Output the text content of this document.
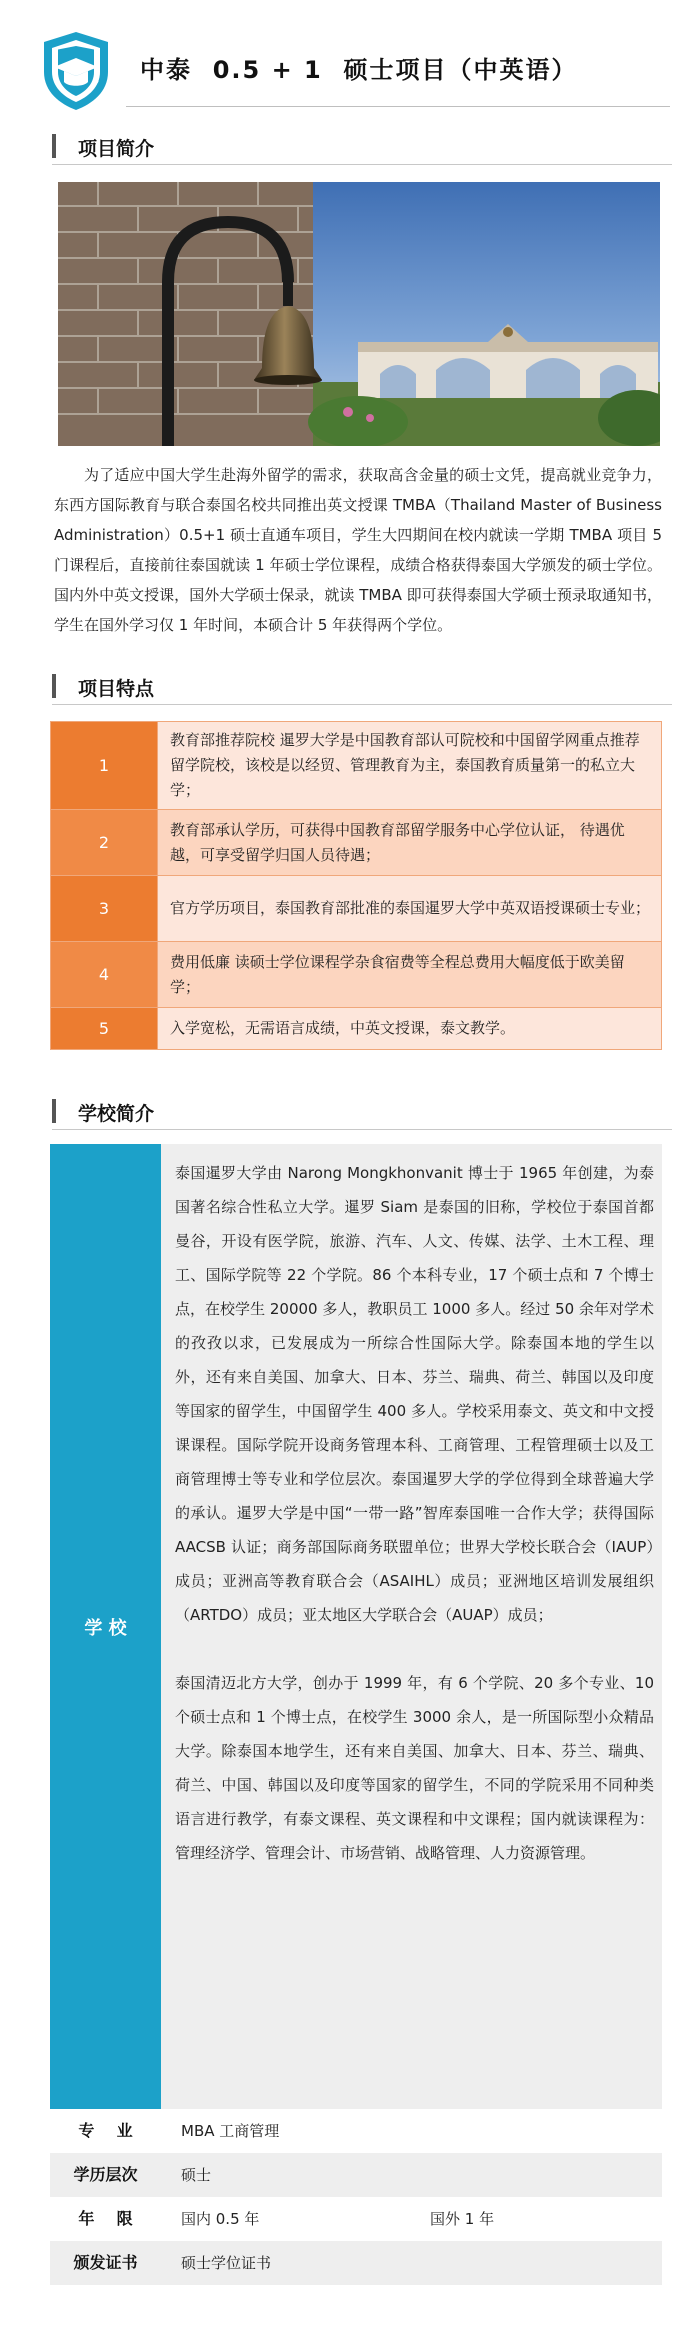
中泰  0.5 + 1  硕士项目（中英语）
项目简介

为了适应中国大学生赴海外留学的需求，获取高含金量的硕士文凭，提高就业竞争力，东西方国际教育与联合泰国名校共同推出英文授课 TMBA（Thailand Master of Business Administration）0.5+1 硕士直通车项目，学生大四期间在校内就读一学期 TMBA 项目 5 门课程后，直接前往泰国就读 1 年硕士学位课程，成绩合格获得泰国大学颁发的硕士学位。国内外中英文授课，国外大学硕士保录，就读 TMBA 即可获得泰国大学硕士预录取通知书，学生在国外学习仅 1 年时间，本硕合计 5 年获得两个学位。

项目特点
1	教育部推荐院校 暹罗大学是中国教育部认可院校和中国留学网重点推荐留学院校，该校是以经贸、管理教育为主，泰国教育质量第一的私立大学；
2	教育部承认学历，可获得中国教育部留学服务中心学位认证， 待遇优越，可享受留学归国人员待遇；
3	官方学历项目，泰国教育部批准的泰国暹罗大学中英双语授课硕士专业；
4	费用低廉 读硕士学位课程学杂食宿费等全程总费用大幅度低于欧美留学；
5	入学宽松，无需语言成绩，中英文授课，泰文教学。
学校简介
学 校

泰国暹罗大学由 Narong Mongkhonvanit 博士于 1965 年创建，为泰国著名综合性私立大学。暹罗 Siam 是泰国的旧称，学校位于泰国首都曼谷，开设有医学院，旅游、汽车、人文、传媒、法学、土木工程、理工、国际学院等 22 个学院。86 个本科专业，17 个硕士点和 7 个博士点，在校学生 20000 多人，教职员工 1000 多人。经过 50 余年对学术的孜孜以求，已发展成为一所综合性国际大学。除泰国本地的学生以外，还有来自美国、加拿大、日本、芬兰、瑞典、荷兰、韩国以及印度等国家的留学生，中国留学生 400 多人。学校采用泰文、英文和中文授课课程。国际学院开设商务管理本科、工商管理、工程管理硕士以及工商管理博士等专业和学位层次。泰国暹罗大学的学位得到全球普遍大学的承认。暹罗大学是中国“一带一路”智库泰国唯一合作大学；获得国际 AACSB 认证；商务部国际商务联盟单位；世界大学校长联合会（IAUP）成员；亚洲高等教育联合会（ASAIHL）成员；亚洲地区培训发展组织（ARTDO）成员；亚太地区大学联合会（AUAP）成员；

泰国清迈北方大学，创办于 1999 年，有 6 个学院、20 多个专业、10 个硕士点和 1 个博士点，在校学生 3000 余人，是一所国际型小众精品大学。除泰国本地学生，还有来自美国、加拿大、日本、芬兰、瑞典、荷兰、中国、韩国以及印度等国家的留学生，不同的学院采用不同种类语言进行教学，有泰文课程、英文课程和中文课程；国内就读课程为：管理经济学、管理会计、市场营销、战略管理、人力资源管理。

专    业	MBA 工商管理
学历层次	硕士
年    限	国内 0.5 年	国外 1 年
颁发证书	硕士学位证书
